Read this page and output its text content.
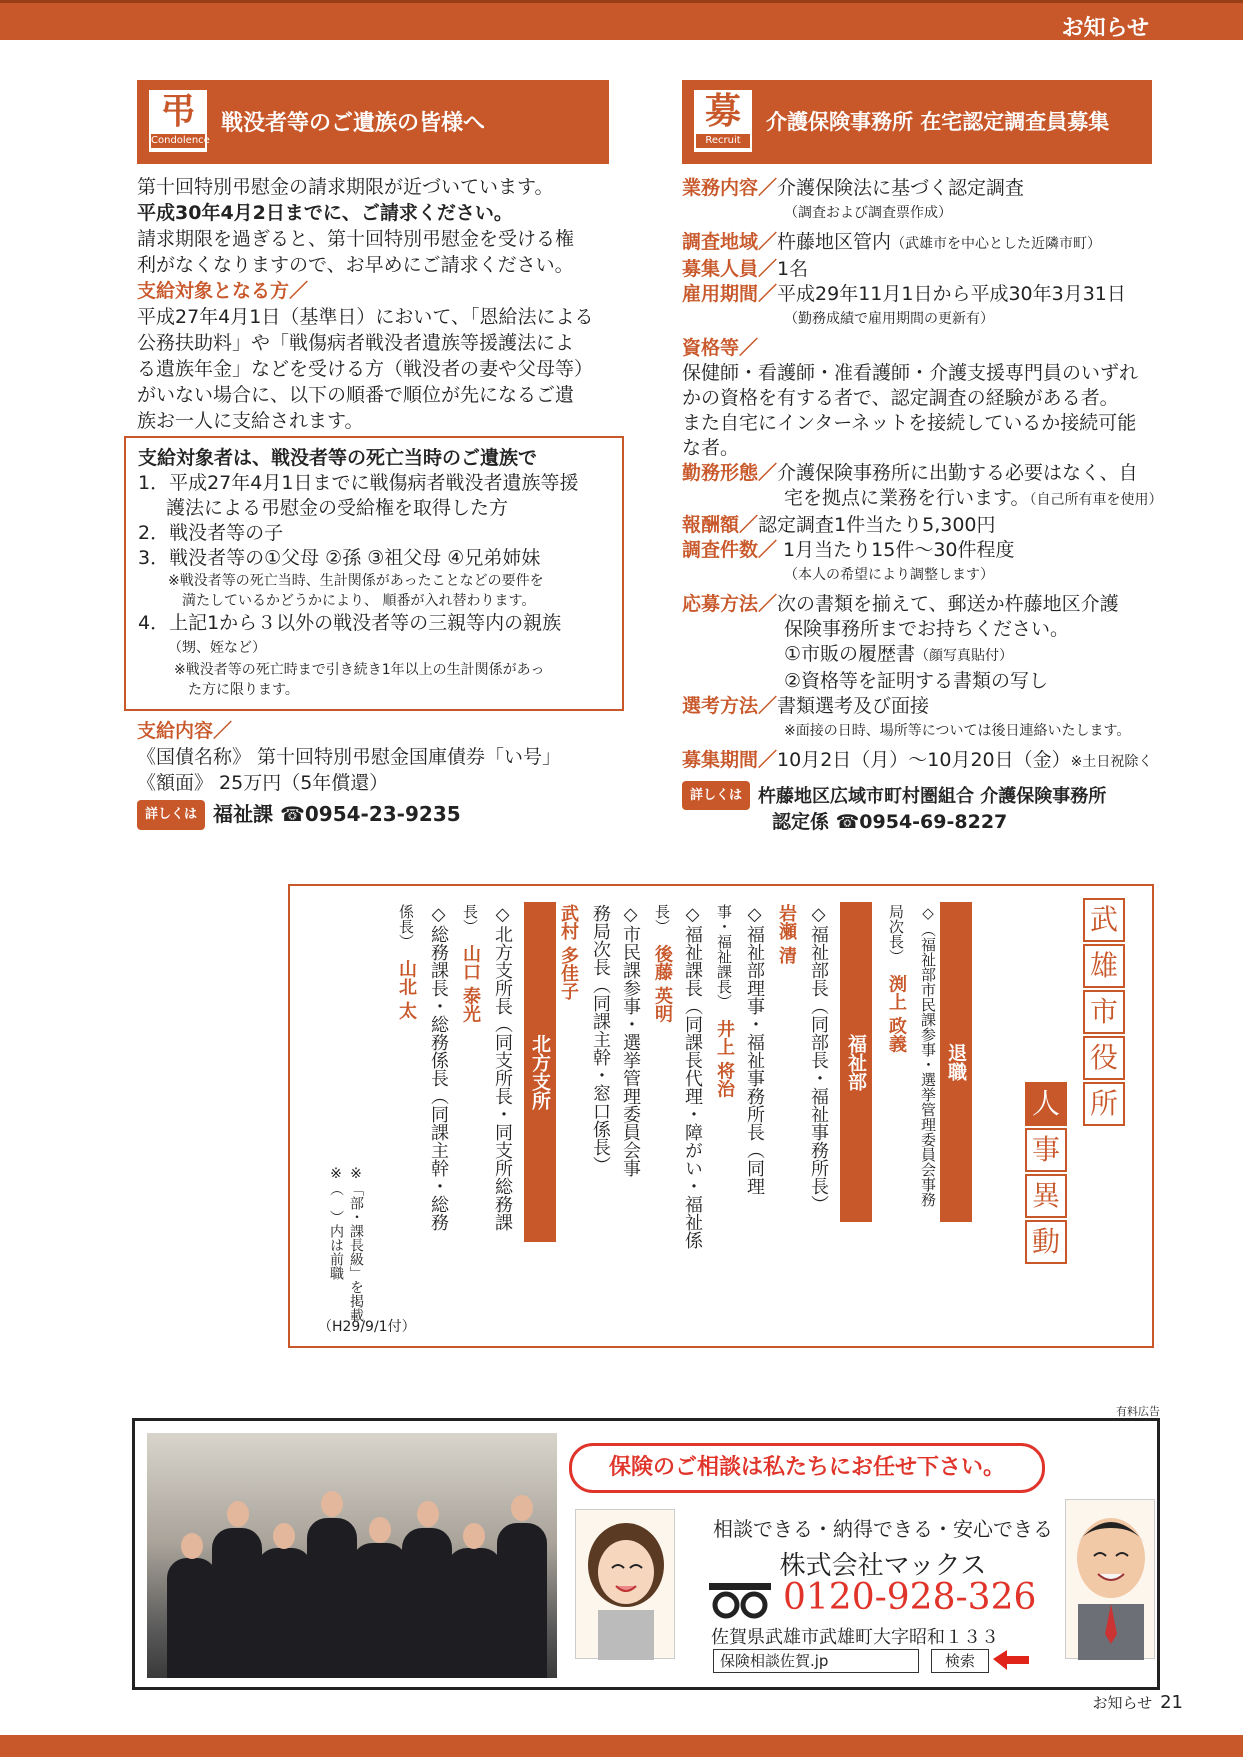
お知らせ
弔
Condolence
戦没者等のご遺族の皆様へ

第十回特別弔慰金の請求期限が近づいています。

平成30年4月2日までに、ご請求ください。

請求期限を過ぎると、第十回特別弔慰金を受ける権

利がなくなりますので、お早めにご請求ください。

支給対象となる方／

平成27年4月1日（基準日）において、「恩給法による

公務扶助料」や「戦傷病者戦没者遺族等援護法によ

る遺族年金」などを受ける方（戦没者の妻や父母等）

がいない場合に、以下の順番で順位が先になるご遺

族お一人に支給されます。

支給対象者は、戦没者等の死亡当時のご遺族で

1．平成27年4月1日までに戦傷病者戦没者遺族等援

護法による弔慰金の受給権を取得した方

2．戦没者等の子

3．戦没者等の①父母 ②孫 ③祖父母 ④兄弟姉妹

※戦没者等の死亡当時、生計関係があったことなどの要件を

満たしているかどうかにより、 順番が入れ替わります。

4．上記1から３以外の戦没者等の三親等内の親族

（甥、姪など）

※戦没者等の死亡時まで引き続き1年以上の生計関係があっ

た方に限ります。

支給内容／

《国債名称》 第十回特別弔慰金国庫債券「い号」

《額面》 25万円（5年償還）

詳しくは 福祉課 ☎0954-23-9235

募
Recruit
介護保険事務所 在宅認定調査員募集

業務内容／介護保険法に基づく認定調査

（調査および調査票作成）

調査地域／杵藤地区管内（武雄市を中心とした近隣市町）

募集人員／1名

雇用期間／平成29年11月1日から平成30年3月31日

（勤務成績で雇用期間の更新有）

資格等／

保健師・看護師・准看護師・介護支援専門員のいずれ

かの資格を有する者で、認定調査の経験がある者。

また自宅にインターネットを接続しているか接続可能

な者。

勤務形態／介護保険事務所に出勤する必要はなく、自

宅を拠点に業務を行います。（自己所有車を使用）

報酬額／認定調査1件当たり5,300円

調査件数／ 1月当たり15件～30件程度

（本人の希望により調整します）

応募方法／次の書類を揃えて、郵送か杵藤地区介護

保険事務所までお持ちください。

①市販の履歴書（顔写真貼付）

②資格等を証明する書類の写し

選考方法／書類選考及び面接

※面接の日時、場所等については後日連絡いたします。

募集期間／10月2日（月）～10月20日（金）※土日祝除く

詳しくは 杵藤地区広域市町村圏組合 介護保険事務所

認定係 ☎0954-69-8227

武
雄
市
役
所
人
事
異
動
退職
◇（福祉部市民課参事・選挙管理委員会事務
局次長）　渕上 政義
福祉部
◇福祉部長（同部長・福祉事務所長）
岩瀬 清
◇福祉部理事・福祉事務所長（同理
事・福祉課長）　井上 将治
◇福祉課長（同課長代理・障がい・福祉係
長）　後藤 英明
◇市民課参事・選挙管理委員会事
務局次長（同課主幹・窓口係長）
武村 多佳子
北方支所
◇北方支所長（同支所長・同支所総務課
長）　山口 泰光
◇総務課長・総務係長（同課主幹・総務
係長）　山北 太
※「部・課長級」を掲載
※（　）内は前職
（H29/9/1付）
有料広告
保険のご相談は私たちにお任せ下さい。
相談できる・納得できる・安心できる
株式会社マックス
0120-928-326
佐賀県武雄市武雄町大字昭和１３３
保険相談佐賀.jp	検索
お知らせ 21
